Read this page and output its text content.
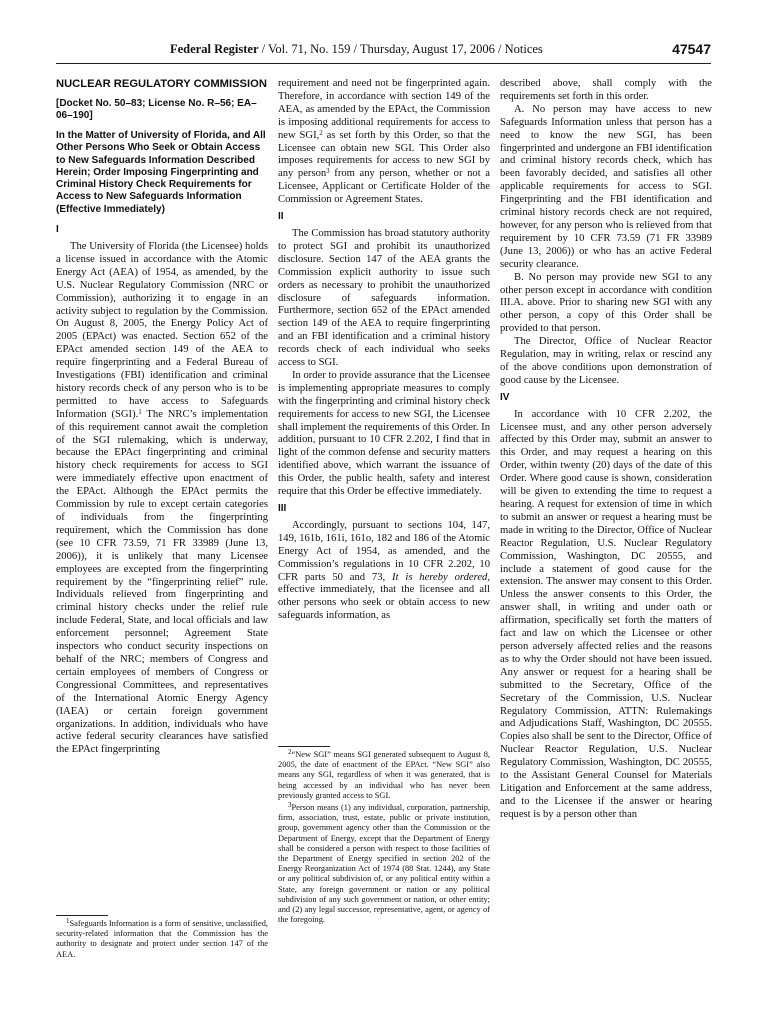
Federal Register / Vol. 71, No. 159 / Thursday, August 17, 2006 / Notices	47547
NUCLEAR REGULATORY COMMISSION
[Docket No. 50–83; License No. R–56; EA–06–190]
In the Matter of University of Florida, and All Other Persons Who Seek or Obtain Access to New Safeguards Information Described Herein; Order Imposing Fingerprinting and Criminal History Check Requirements for Access to New Safeguards Information (Effective Immediately)
I

The University of Florida (the Licensee) holds a license issued in accordance with the Atomic Energy Act (AEA) of 1954, as amended, by the U.S. Nuclear Regulatory Commission (NRC or Commission), authorizing it to engage in an activity subject to regulation by the Commission. On August 8, 2005, the Energy Policy Act of 2005 (EPAct) was enacted. Section 652 of the EPAct amended section 149 of the AEA to require fingerprinting and a Federal Bureau of Investigations (FBI) identification and criminal history records check of any person who is to be permitted to have access to Safeguards Information (SGI).$^1$ The NRC’s implementation of this requirement cannot await the completion of the SGI rulemaking, which is underway, because the EPAct fingerprinting and criminal history check requirements for access to SGI were immediately effective upon enactment of the EPAct. Although the EPAct permits the Commission by rule to except certain categories of individuals from the fingerprinting requirement, which the Commission has done (see 10 CFR 73.59, 71 FR 33989 (June 13, 2006)), it is unlikely that many Licensee employees are excepted from the fingerprinting requirement by the “fingerprinting relief” rule. Individuals relieved from fingerprinting and criminal history checks under the relief rule include Federal, State, and local officials and law enforcement personnel; Agreement State inspectors who conduct security inspections on behalf of the NRC; members of Congress and certain employees of members of Congress or Congressional Committees, and representatives of the International Atomic Energy Agency (IAEA) or certain foreign government organizations. In addition, individuals who have active federal security clearances have satisfied the EPAct fingerprinting

$^1$Safeguards Information is a form of sensitive, unclassified, security-related information that the Commission has the authority to designate and protect under section 147 of the AEA.

requirement and need not be fingerprinted again. Therefore, in accordance with section 149 of the AEA, as amended by the EPAct, the Commission is imposing additional requirements for access to new SGI,$^2$ as set forth by this Order, so that the Licensee can obtain new SGI. This Order also imposes requirements for access to new SGI by any person$^3$ from any person, whether or not a Licensee, Applicant or Certificate Holder of the Commission or Agreement States.

II

The Commission has broad statutory authority to protect SGI and prohibit its unauthorized disclosure. Section 147 of the AEA grants the Commission explicit authority to issue such orders as necessary to prohibit the unauthorized disclosure of safeguards information. Furthermore, section 652 of the EPAct amended section 149 of the AEA to require fingerprinting and an FBI identification and a criminal history records check of each individual who seeks access to SGI.

In order to provide assurance that the Licensee is implementing appropriate measures to comply with the fingerprinting and criminal history check requirements for access to new SGI, the Licensee shall implement the requirements of this Order. In addition, pursuant to 10 CFR 2.202, I find that in light of the common defense and security matters identified above, which warrant the issuance of this Order, the public health, safety and interest require that this Order be effective immediately.

III

Accordingly, pursuant to sections 104, 147, 149, 161b, 161i, 161o, 182 and 186 of the Atomic Energy Act of 1954, as amended, and the Commission’s regulations in 10 CFR 2.202, 10 CFR parts 50 and 73, It is hereby ordered, effective immediately, that the licensee and all other persons who seek or obtain access to new safeguards information, as

$^2$“New SGI” means SGI generated subsequent to August 8, 2005, the date of enactment of the EPAct. “New SGI” also means any SGI, regardless of when it was generated, that is being accessed by an individual who has never been previously granted access to SGI.

$^3$Person means (1) any individual, corporation, partnership, firm, association, trust, estate, public or private institution, group, government agency other than the Commission or the Department of Energy, except that the Department of Energy shall be considered a person with respect to those facilities of the Department of Energy specified in section 202 of the Energy Reorganization Act of 1974 (88 Stat. 1244), any State or any political subdivision of, or any political entity within a State, any foreign government or nation or any political subdivision of any such government or nation, or other entity; and (2) any legal successor, representative, agent, or agency of the foregoing.

described above, shall comply with the requirements set forth in this order.

A. No person may have access to new Safeguards Information unless that person has a need to know the new SGI, has been fingerprinted and undergone an FBI identification and criminal history records check, which has been favorably decided, and satisfies all other applicable requirements for access to SGI. Fingerprinting and the FBI identification and criminal history records check are not required, however, for any person who is relieved from that requirement by 10 CFR 73.59 (71 FR 33989 (June 13, 2006)) or who has an active Federal security clearance.

B. No person may provide new SGI to any other person except in accordance with condition III.A. above. Prior to sharing new SGI with any other person, a copy of this Order shall be provided to that person.

The Director, Office of Nuclear Reactor Regulation, may in writing, relax or rescind any of the above conditions upon demonstration of good cause by the Licensee.

IV

In accordance with 10 CFR 2.202, the Licensee must, and any other person adversely affected by this Order may, submit an answer to this Order, and may request a hearing on this Order, within twenty (20) days of the date of this Order. Where good cause is shown, consideration will be given to extending the time to request a hearing. A request for extension of time in which to submit an answer or request a hearing must be made in writing to the Director, Office of Nuclear Reactor Regulation, U.S. Nuclear Regulatory Commission, Washington, DC 20555, and include a statement of good cause for the extension. The answer may consent to this Order. Unless the answer consents to this Order, the answer shall, in writing and under oath or affirmation, specifically set forth the matters of fact and law on which the Licensee or other person adversely affected relies and the reasons as to why the Order should not have been issued. Any answer or request for a hearing shall be submitted to the Secretary, Office of the Secretary of the Commission, U.S. Nuclear Regulatory Commission, ATTN: Rulemakings and Adjudications Staff, Washington, DC 20555. Copies also shall be sent to the Director, Office of Nuclear Reactor Regulation, U.S. Nuclear Regulatory Commission, Washington, DC 20555, to the Assistant General Counsel for Materials Litigation and Enforcement at the same address, and to the Licensee if the answer or hearing request is by a person other than
